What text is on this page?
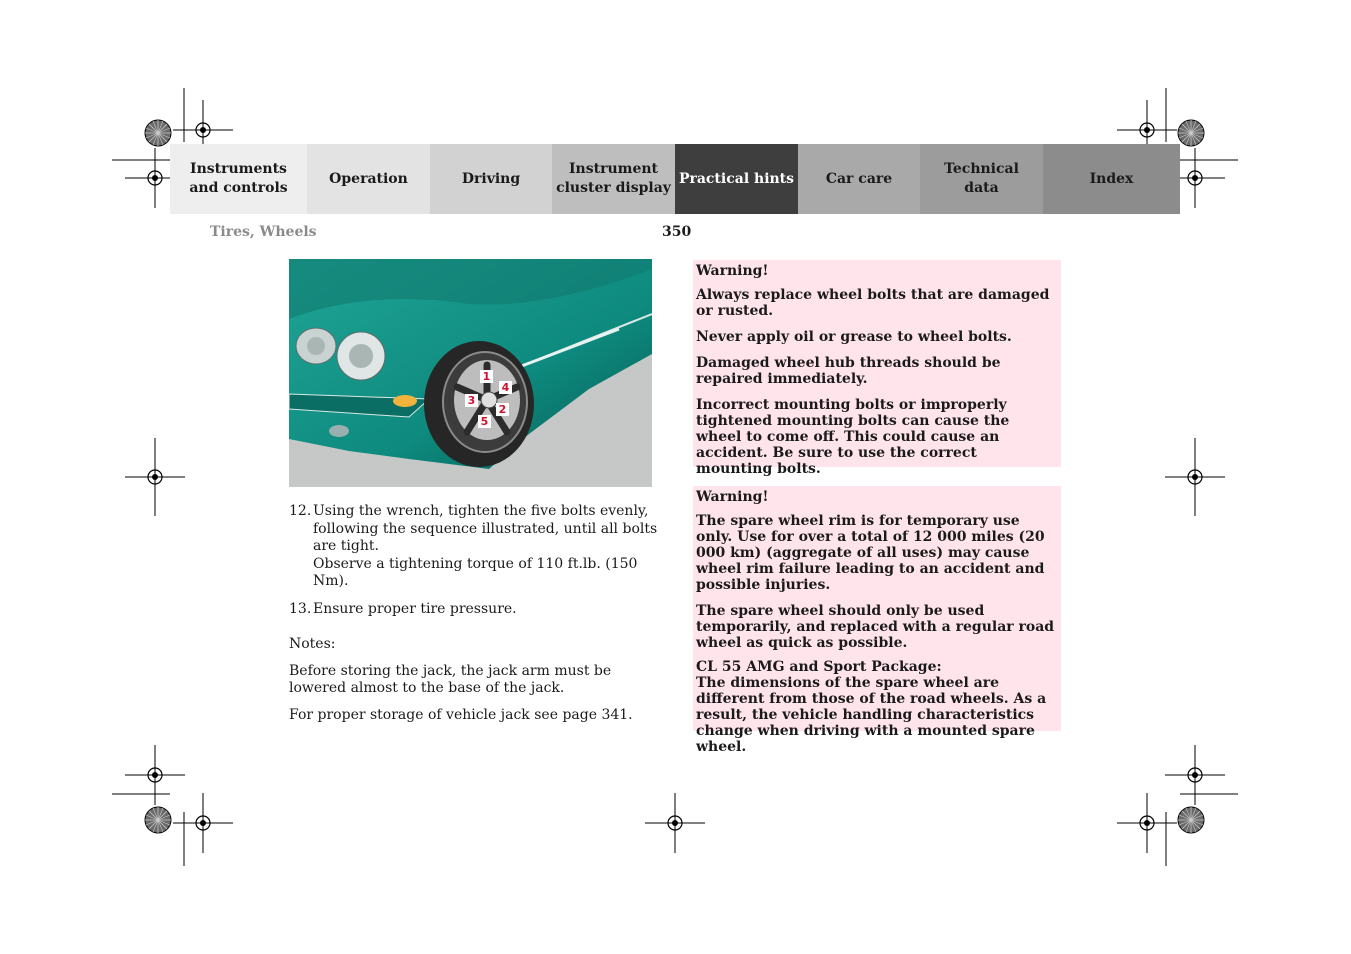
Instruments
and controls
Operation	Driving
Instrument
cluster display
Practical hints Car care
Technical
data
Index
Tires, Wheels	350
1
2
3
4
5
12. Using the wrench, tighten the five bolts evenly, following the sequence illustrated, until all bolts are tight.
Observe a tightening torque of 110 ft.lb. (150 Nm).
13. Ensure proper tire pressure.

Notes:

Before storing the jack, the jack arm must be lowered almost to the base of the jack.

For proper storage of vehicle jack see page 341.

Warning!

Always replace wheel bolts that are damaged or rusted.

Never apply oil or grease to wheel bolts.

Damaged wheel hub threads should be repaired immediately.

Incorrect mounting bolts or improperly tightened mounting bolts can cause the wheel to come off. This could cause an accident. Be sure to use the correct mounting bolts.

Warning!

The spare wheel rim is for temporary use only. Use for over a total of 12 000 miles (20 000 km) (aggregate of all uses) may cause wheel rim failure leading to an accident and possible injuries.

The spare wheel should only be used temporarily, and replaced with a regular road wheel as quick as possible.

CL 55 AMG and Sport Package:
The dimensions of the spare wheel are different from those of the road wheels. As a result, the vehicle handling characteristics change when driving with a mounted spare wheel.
